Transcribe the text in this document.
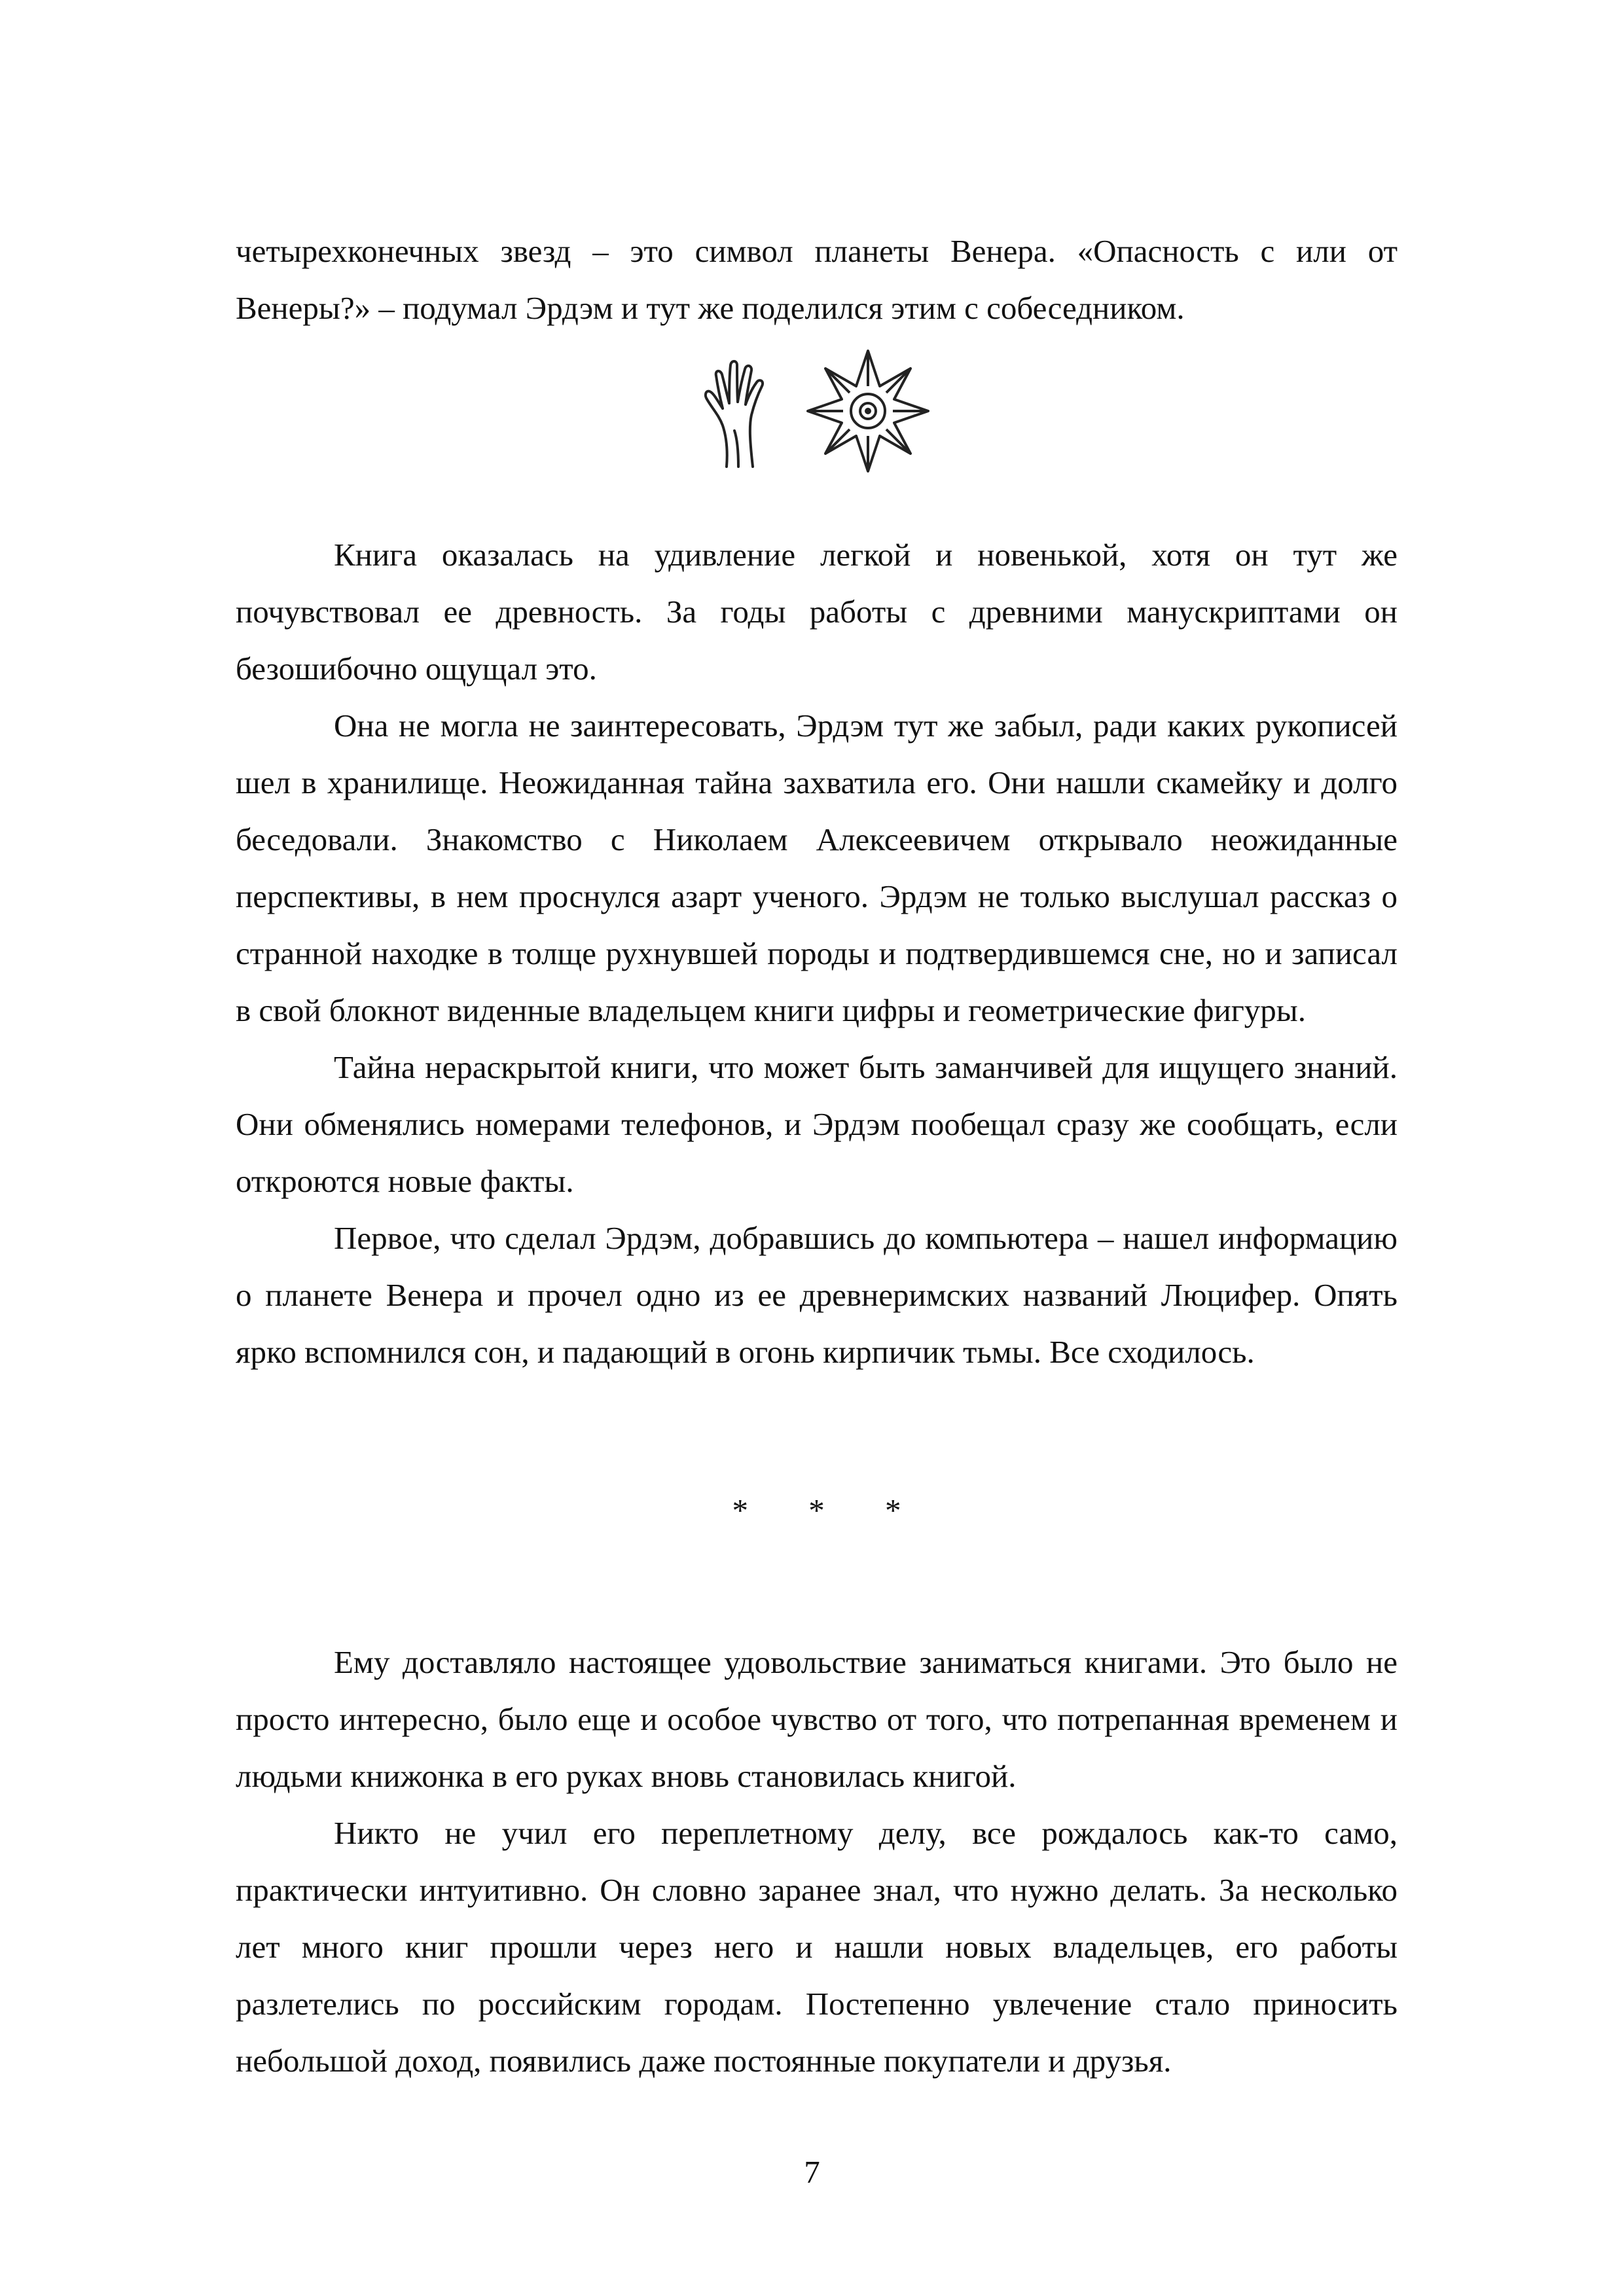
четырехконечных звезд – это символ планеты Венера. «Опасность с или от Венеры?» – подумал Эрдэм и тут же поделился этим с собеседником.

Книга оказалась на удивление легкой и новенькой, хотя он тут же почувствовал ее древность. За годы работы с древними манускриптами он безошибочно ощущал это.

Она не могла не заинтересовать, Эрдэм тут же забыл, ради каких рукописей шел в хранилище. Неожиданная тайна захватила его. Они нашли скамейку и долго беседовали. Знакомство с Николаем Алексеевичем открывало неожиданные перспективы, в нем проснулся азарт ученого. Эрдэм не только выслушал рассказ о странной находке в толще рухнувшей породы и подтвердившемся сне, но и записал в свой блокнот виденные владельцем книги цифры и геометрические фигуры.

Тайна нераскрытой книги, что может быть заманчивей для ищущего знаний. Они обменялись номерами телефонов, и Эрдэм пообещал сразу же сообщать, если откроются новые факты.

Первое, что сделал Эрдэм, добравшись до компьютера – нашел информацию о планете Венера и прочел одно из ее древнеримских названий Люцифер. Опять ярко вспомнился сон, и падающий в огонь кирпичик тьмы. Все сходилось.

* * *

Ему доставляло настоящее удовольствие заниматься книгами. Это было не просто интересно, было еще и особое чувство от того, что потрепанная временем и людьми книжонка в его руках вновь становилась книгой.

Никто не учил его переплетному делу, все рождалось как-то само, практически интуитивно. Он словно заранее знал, что нужно делать. За несколько лет много книг прошли через него и нашли новых владельцев, его работы разлетелись по российским городам. Постепенно увлечение стало приносить небольшой доход, появились даже постоянные покупатели и друзья.

7
